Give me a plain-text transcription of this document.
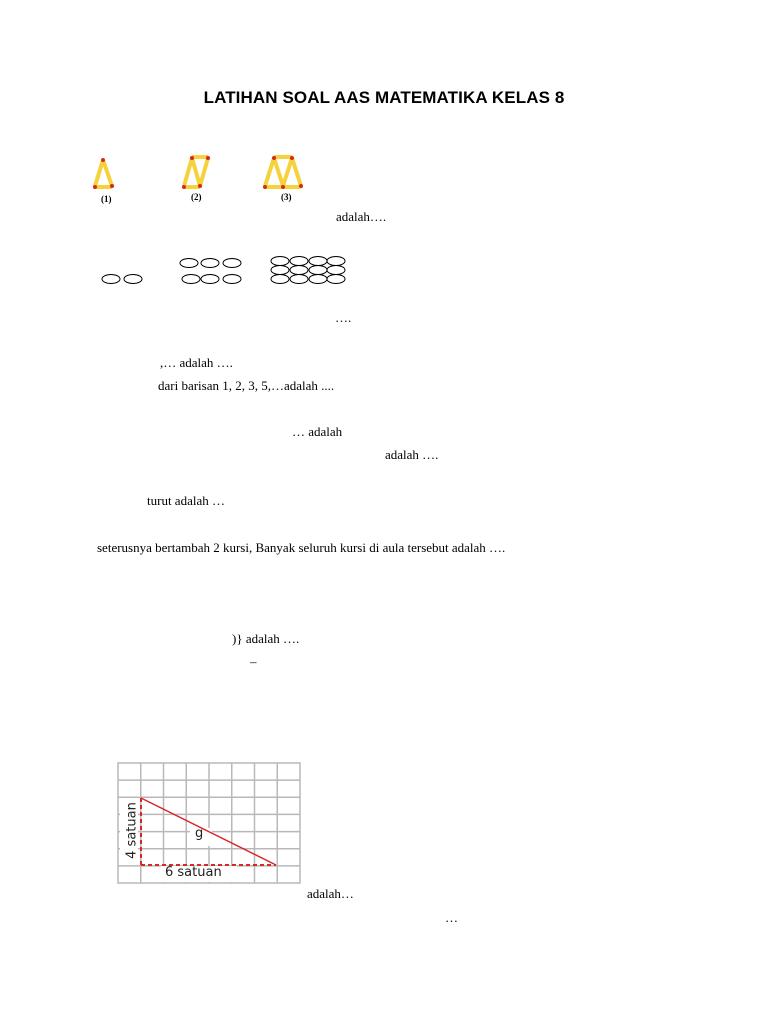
LATIHAN SOAL AAS MATEMATIKA KELAS 8
(1)	(2)	(3)
adalah….
….
,… adalah ….
dari barisan 1, 2, 3, 5,…adalah ....
… adalah
adalah ….
turut adalah …
seterusnya bertambah 2 kursi, Banyak seluruh kursi di aula tersebut adalah ….
)} adalah ….
–
4 satuan
6 satuan
g
adalah…
…
